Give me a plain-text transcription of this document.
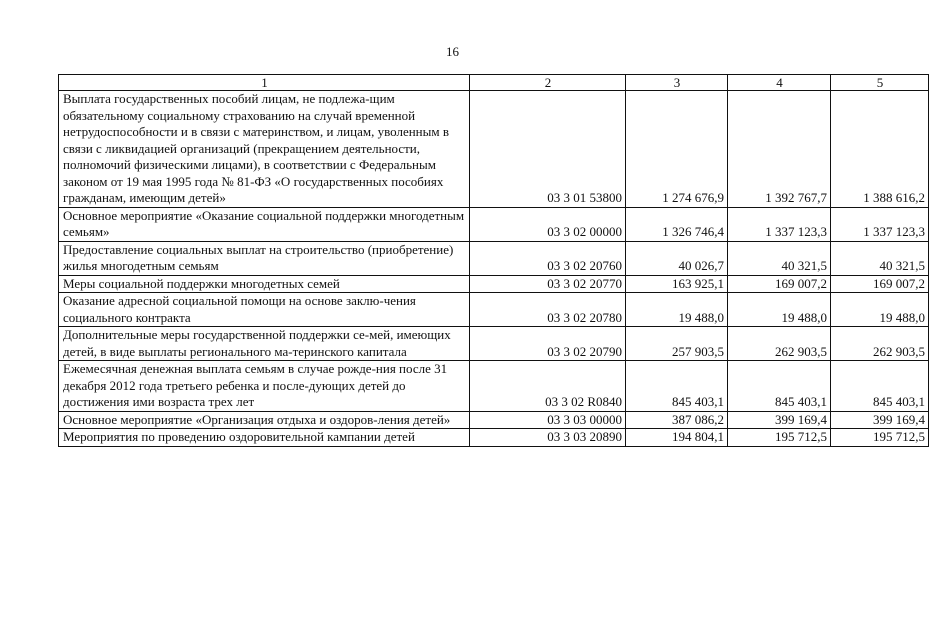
16
1	2	3	4	5
Выплата государственных пособий лицам, не подлежа-щим обязательному социальному страхованию на случай временной нетрудоспособности и в связи с материнством, и лицам, уволенным в связи с ликвидацией организаций (прекращением деятельности, полномочий физическими лицами), в соответствии с Федеральным законом от 19 мая 1995 года № 81-ФЗ «О государственных пособиях гражданам, имеющим детей»	03 3 01 53800	1 274 676,9	1 392 767,7	1 388 616,2
Основное мероприятие «Оказание социальной поддержки многодетным семьям»	03 3 02 00000	1 326 746,4	1 337 123,3	1 337 123,3
Предоставление социальных выплат на строительство (приобретение) жилья многодетным семьям	03 3 02 20760	40 026,7	40 321,5	40 321,5
Меры социальной поддержки многодетных семей	03 3 02 20770	163 925,1	169 007,2	169 007,2
Оказание адресной социальной помощи на основе заклю-чения социального контракта	03 3 02 20780	19 488,0	19 488,0	19 488,0
Дополнительные меры государственной поддержки се-мей, имеющих детей, в виде выплаты регионального ма-теринского капитала	03 3 02 20790	257 903,5	262 903,5	262 903,5
Ежемесячная денежная выплата семьям в случае рожде-ния после 31 декабря 2012 года третьего ребенка и после-дующих детей до достижения ими возраста трех лет	03 3 02 R0840	845 403,1	845 403,1	845 403,1
Основное мероприятие «Организация отдыха и оздоров-ления детей»	03 3 03 00000	387 086,2	399 169,4	399 169,4
Мероприятия по проведению оздоровительной кампании детей	03 3 03 20890	194 804,1	195 712,5	195 712,5
